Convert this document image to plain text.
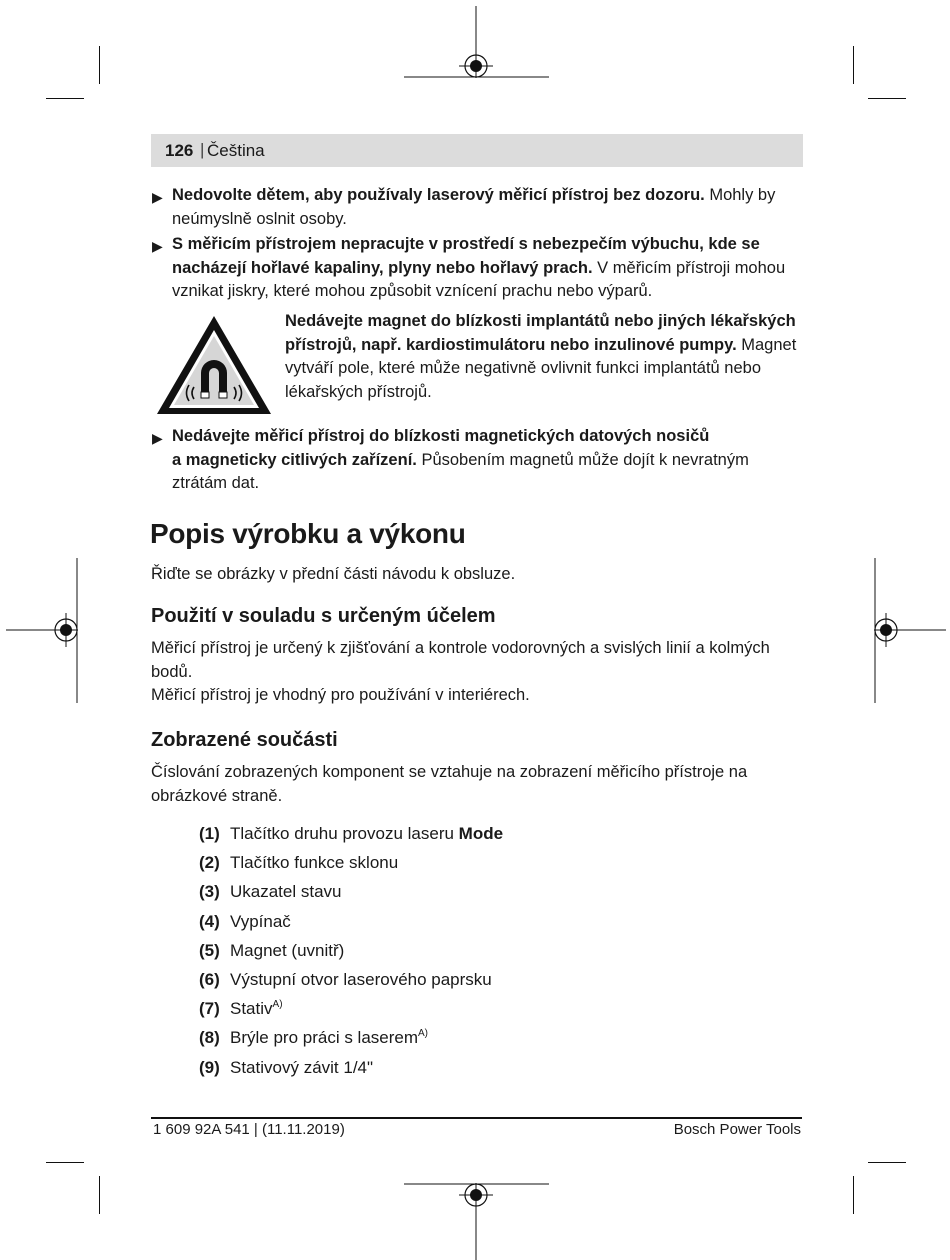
126 | Čeština
▶ Nedovolte dětem, aby používaly laserový měřicí přístroj bez dozoru. Mohly by
neúmyslně oslnit osoby.
▶ S měřicím přístrojem nepracujte v prostředí s nebezpečím výbuchu, kde se
nacházejí hořlavé kapaliny, plyny nebo hořlavý prach. V měřicím přístroji mohou
vznikat jiskry, které mohou způsobit vznícení prachu nebo výparů.
Nedávejte magnet do blízkosti implantátů nebo jiných lékařských
přístrojů, např. kardiostimulátoru nebo inzulinové pumpy. Magnet
vytváří pole, které může negativně ovlivnit funkci implantátů nebo
lékařských přístrojů.
▶ Nedávejte měřicí přístroj do blízkosti magnetických datových nosičů
a magneticky citlivých zařízení. Působením magnetů může dojít k nevratným
ztrátám dat.
Popis výrobku a výkonu
Řiďte se obrázky v přední části návodu k obsluze.
Použití v souladu s určeným účelem
Měřicí přístroj je určený k zjišťování a kontrole vodorovných a svislých linií a kolmých
bodů.
Měřicí přístroj je vhodný pro používání v interiérech.
Zobrazené součásti
Číslování zobrazených komponent se vztahuje na zobrazení měřicího přístroje na
obrázkové straně.
(1) Tlačítko druhu provozu laseru Mode
(2) Tlačítko funkce sklonu
(3) Ukazatel stavu
(4) Vypínač
(5) Magnet (uvnitř)
(6) Výstupní otvor laserového paprsku
(7) Stativ$^{A)}$
(8) Brýle pro práci s laserem$^{A)}$
(9) Stativový závit 1/4"
1 609 92A 541 | (11.11.2019)	Bosch Power Tools
